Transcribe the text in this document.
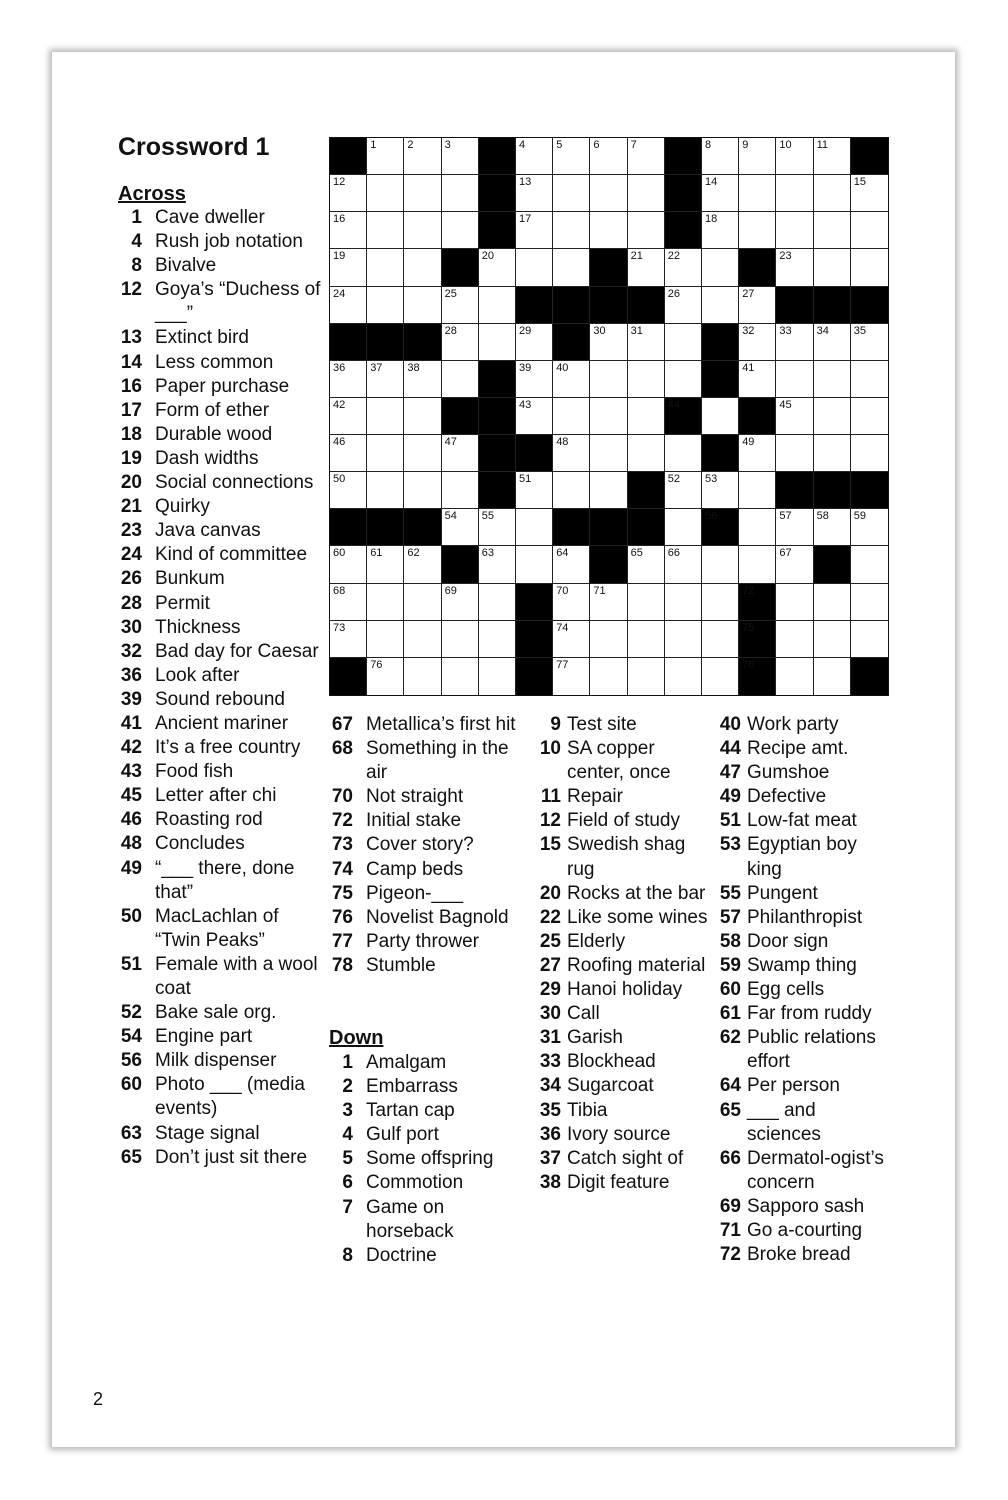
Crossword 1
Across
1 Cave dweller
4 Rush job notation
8 Bivalve
12 Goya’s “Duchess of ___”
13 Extinct bird
14 Less common
16 Paper purchase
17 Form of ether
18 Durable wood
19 Dash widths
20 Social connections
21 Quirky
23 Java canvas
24 Kind of committee
26 Bunkum
28 Permit
30 Thickness
32 Bad day for Caesar
36 Look after
39 Sound rebound
41 Ancient mariner
42 It’s a free country
43 Food fish
45 Letter after chi
46 Roasting rod
48 Concludes
49 “___ there, done that”
50 MacLachlan of “Twin Peaks”
51 Female with a wool coat
52 Bake sale org.
54 Engine part
56 Milk dispenser
60 Photo ___ (media events)
63 Stage signal
65 Don’t just sit there
1	2	3	4	5	6	7	8	9	10 11
12	13	14	15
16	17	18
19	20	21 22	23
24	25	26	27
28	29	30 31	32 33 34 35
36 37 38	39 40	41
42	43	44	45
46	47	48	49
50	51	52 53
54 55	56	57 58 59
60 61 62	63	64	65 66	67
68	69	70 71	72
73	74	75
76	77	78
67 Metallica’s first hit
68 Something in the air
70 Not straight
72 Initial stake
73 Cover story?
74 Camp beds
75 Pigeon-___
76 Novelist Bagnold
77 Party thrower
78 Stumble
Down
1 Amalgam
2 Embarrass
3 Tartan cap
4 Gulf port
5 Some offspring
6 Commotion
7 Game on horseback
8 Doctrine
9 Test site
10 SA copper center, once
11 Repair
12 Field of study
15 Swedish shag rug
20 Rocks at the bar
22 Like some wines
25 Elderly
27 Roofing material
29 Hanoi holiday
30 Call
31 Garish
33 Blockhead
34 Sugarcoat
35 Tibia
36 Ivory source
37 Catch sight of
38 Digit feature
40 Work party
44 Recipe amt.
47 Gumshoe
49 Defective
51 Low-fat meat
53 Egyptian boy king
55 Pungent
57 Philanthropist
58 Door sign
59 Swamp thing
60 Egg cells
61 Far from ruddy
62 Public relations effort
64 Per person
65 ___ and sciences
66 Dermatol-ogist’s concern
69 Sapporo sash
71 Go a-courting
72 Broke bread
2
